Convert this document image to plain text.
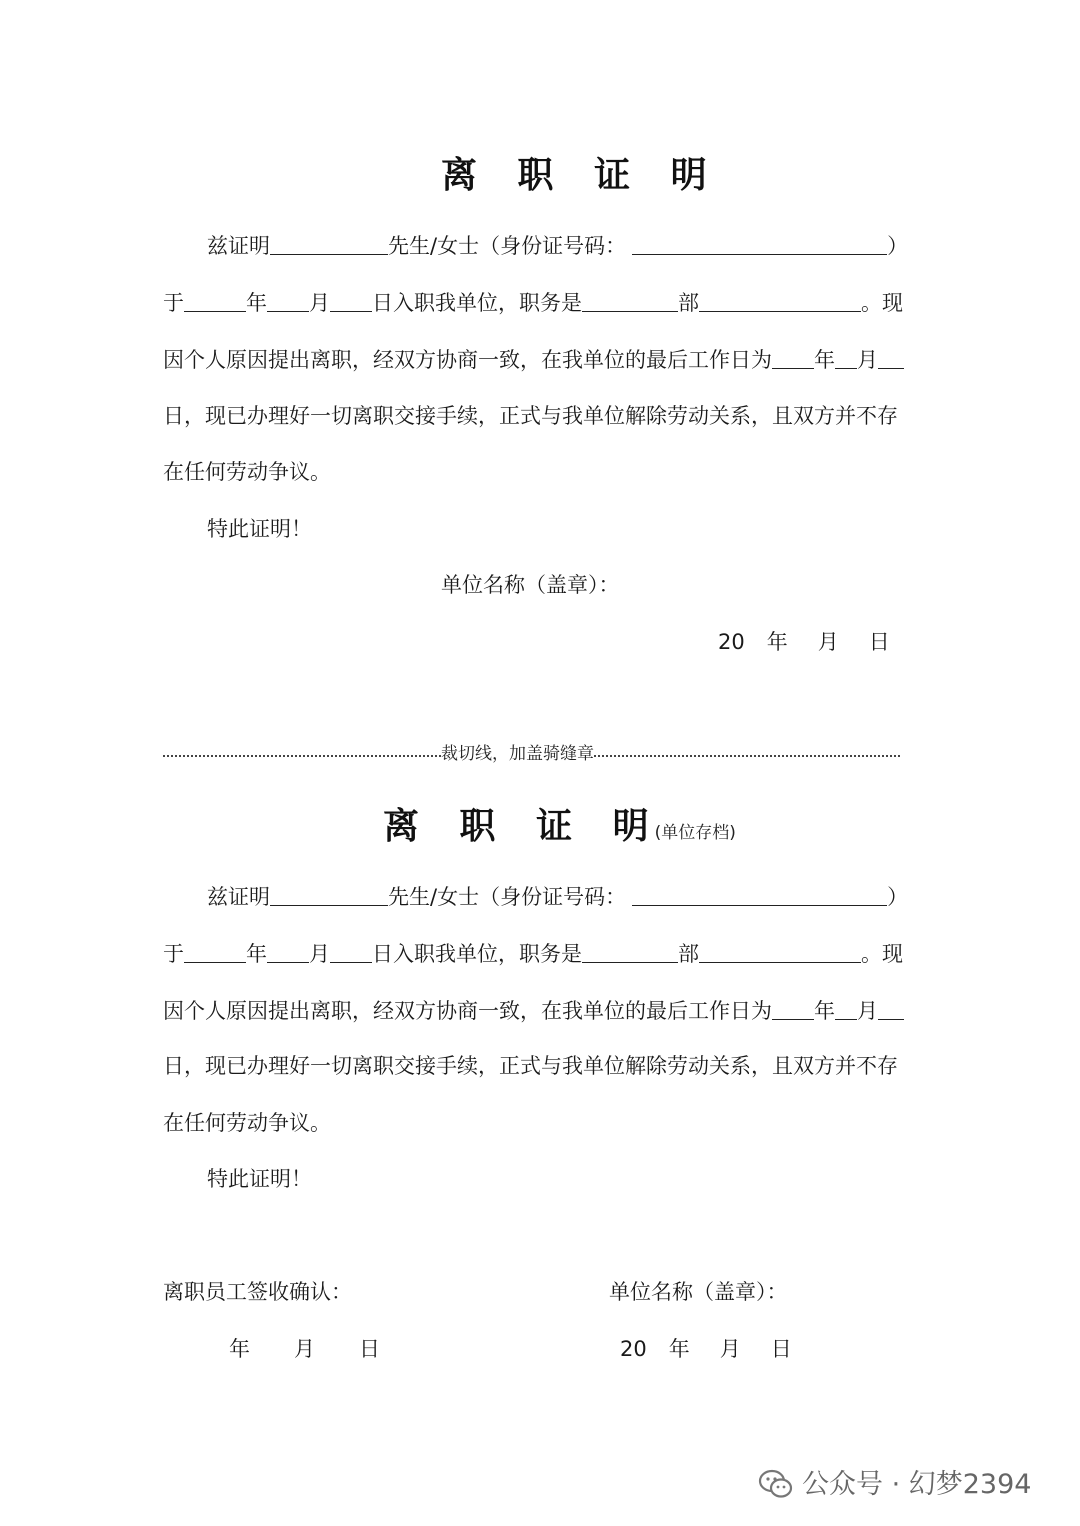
离 职 证 明
兹证明	先生/女士（身份证号码：	）
于	年 月 日入职我单位，职务是	部	。现
因个人原因提出离职，经双方协商一致，在我单位的最后工作日为 年 月
日，现已办理好一切离职交接手续，正式与我单位解除劳动关系，且双方并不存
在任何劳动争议。
特此证明！
单位名称（盖章）：
20 年 月 日
裁切线，加盖骑缝章
离 职 证 明(单位存档)
兹证明	先生/女士（身份证号码：	）
于	年 月 日入职我单位，职务是	部	。现
因个人原因提出离职，经双方协商一致，在我单位的最后工作日为 年 月
日，现已办理好一切离职交接手续，正式与我单位解除劳动关系，且双方并不存
在任何劳动争议。
特此证明！
离职员工签收确认：	单位名称（盖章）：
年 月 日	20 年 月 日
公众号 · 幻梦2394
